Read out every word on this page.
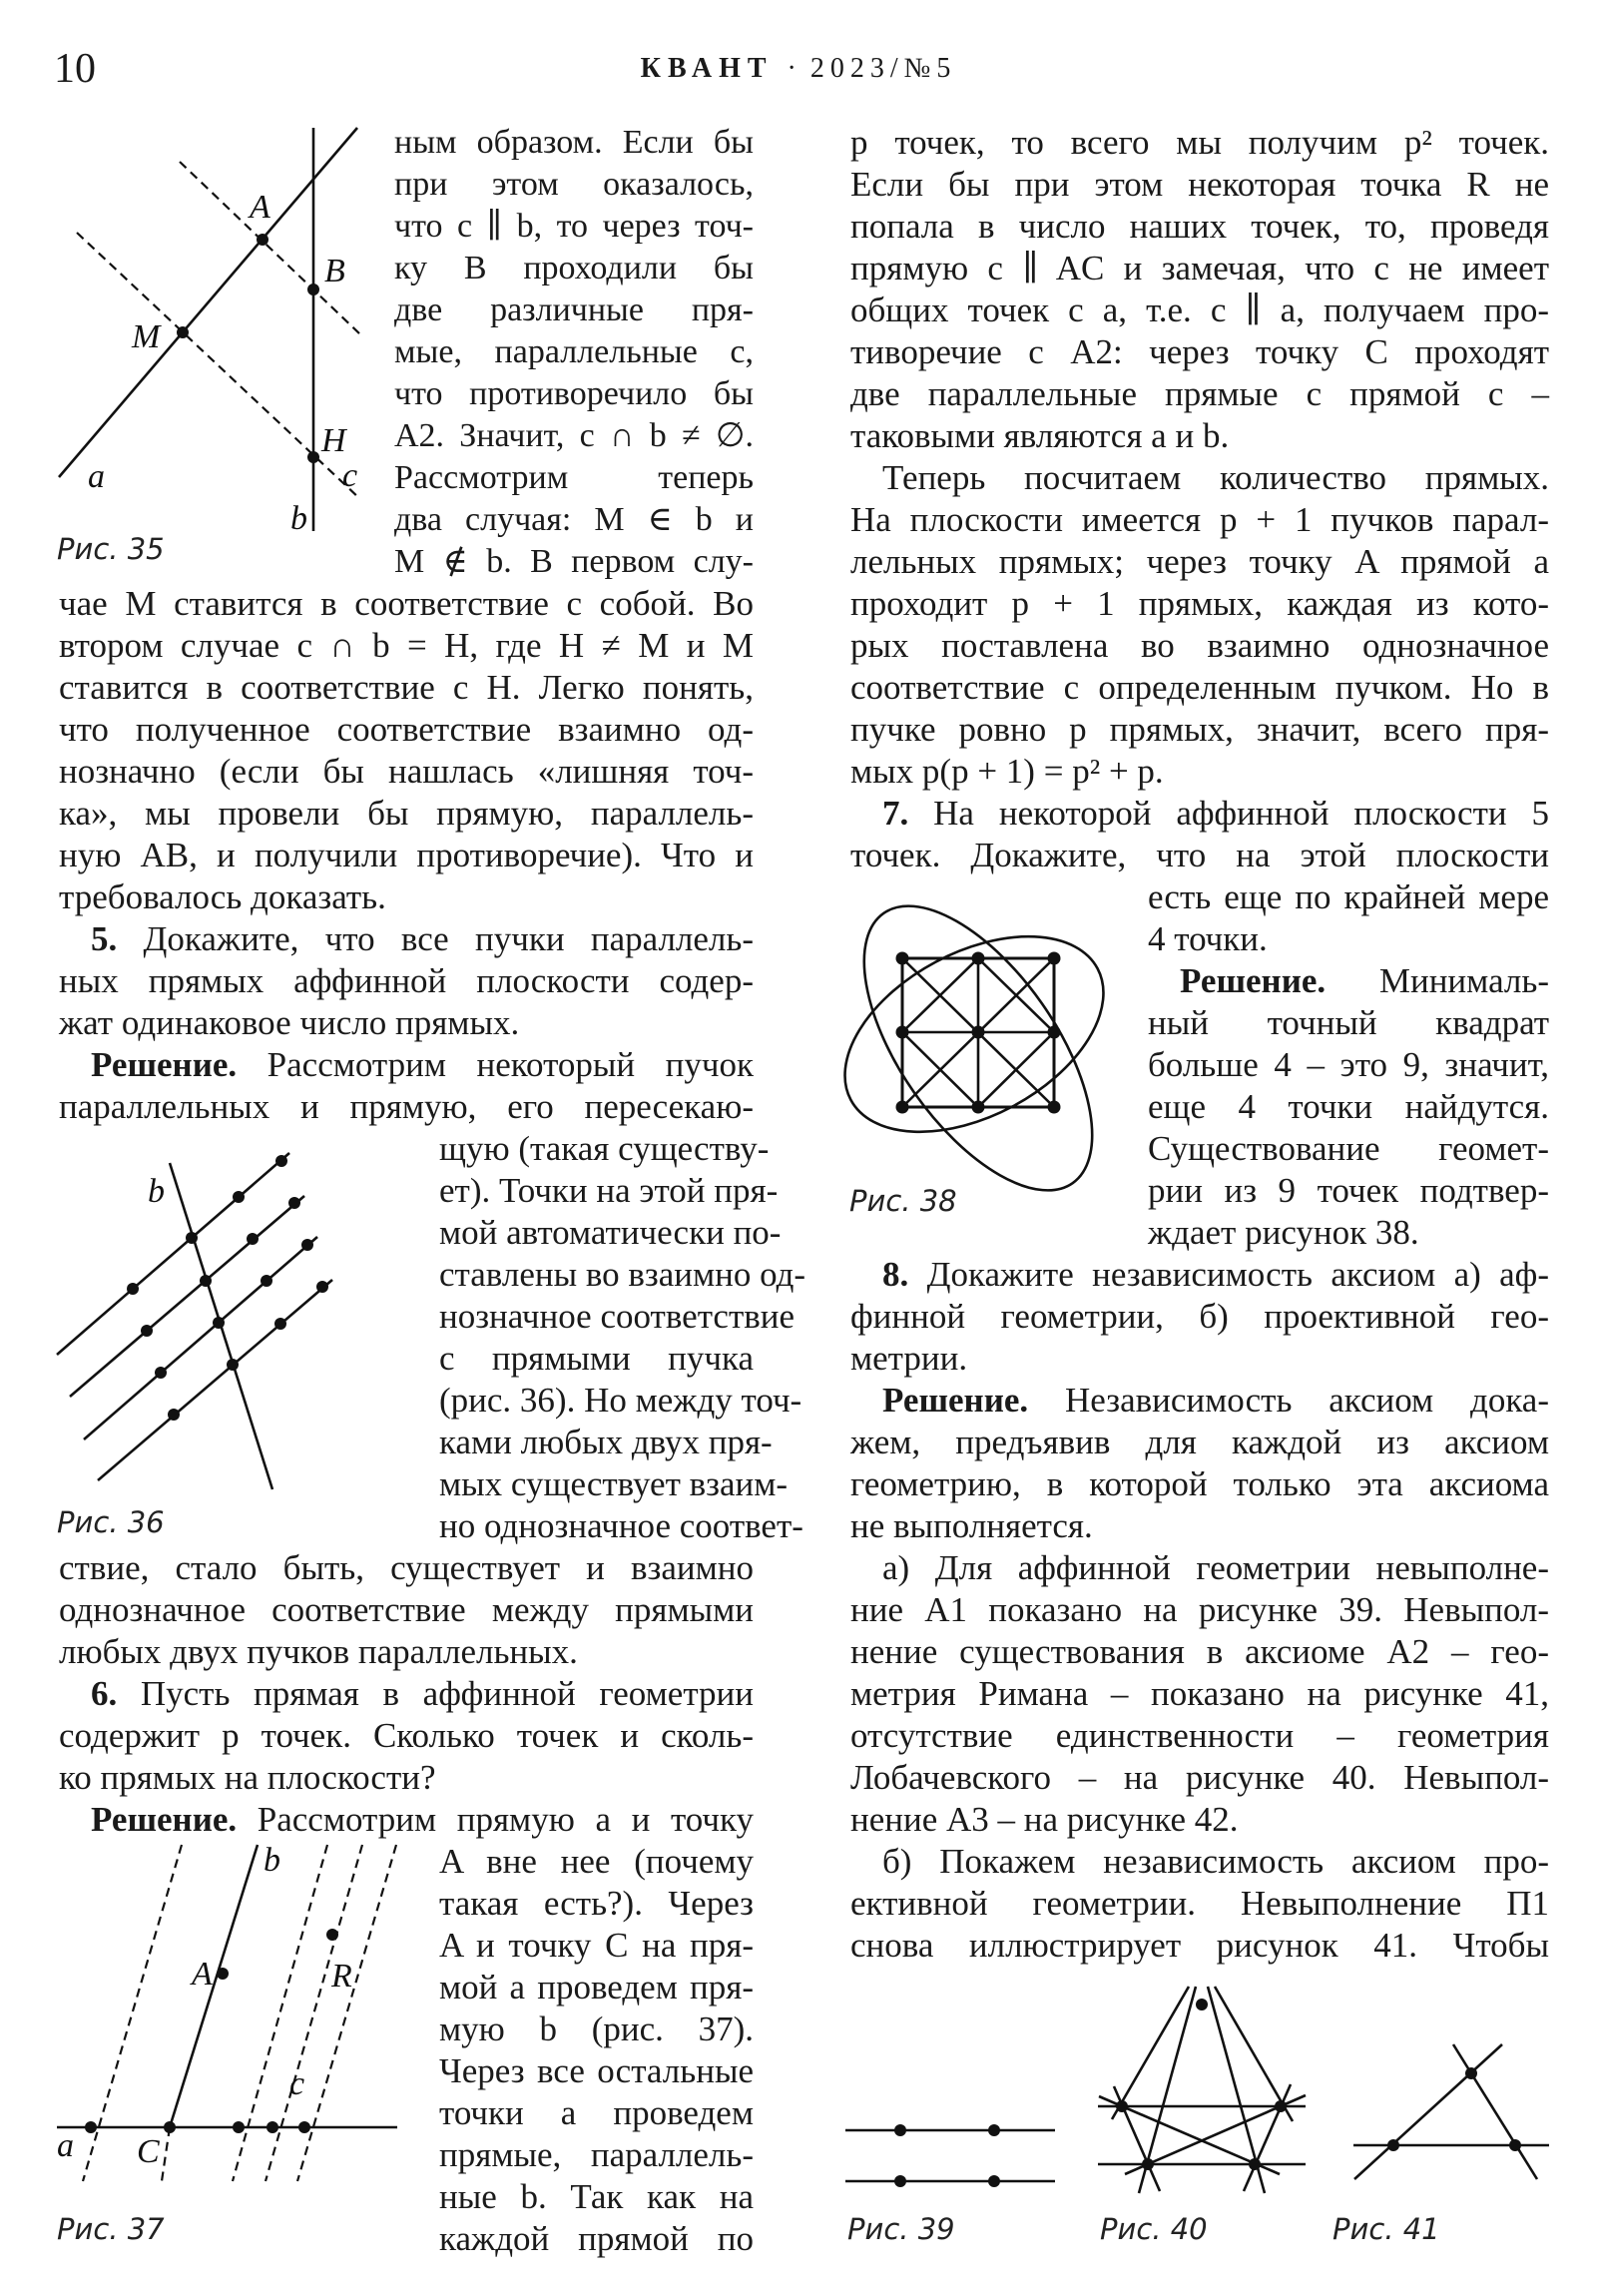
10	КВАНТ · 2023/№5
ным образом. Если бы
при этом оказалось,
что c ∥ b, то через точ-
ку B проходили бы
две различные пря-
мые, параллельные c,
что противоречило бы
A2. Значит, c ∩ b ≠ ∅.
Рассмотрим теперь
два случая: M ∈ b и
M ∉ b. В первом слу-
чае M ставится в соответствие с собой. Во
втором случае c ∩ b = H, где H ≠ M и M
ставится в соответствие с H. Легко понять,
что полученное соответствие взаимно од-
нозначно (если бы нашлась «лишняя точ-
ка», мы провели бы прямую, параллель-
ную AB, и получили противоречие). Что и
требовалось доказать.
5. Докажите, что все пучки параллель-
ных прямых аффинной плоскости содер-
жат одинаковое число прямых.
Решение. Рассмотрим некоторый пучок
параллельных и прямую, его пересекаю-
щую (такая существу-
ет). Точки на этой пря-
мой автоматически по-
ставлены во взаимно од-
нозначное соответствие
с прямыми пучка
(рис. 36). Но между точ-
ками любых двух пря-
мых существует взаим-
но однозначное соответ-
ствие, стало быть, существует и взаимно
однозначное соответствие между прямыми
любых двух пучков параллельных.
6. Пусть прямая в аффинной геометрии
содержит p точек. Сколько точек и сколь-
ко прямых на плоскости?
Решение. Рассмотрим прямую a и точку
A вне нее (почему
такая есть?). Через
A и точку C на пря-
мой a проведем пря-
мую b (рис. 37).
Через все остальные
точки a проведем
прямые, параллель-
ные b. Так как на
каждой прямой по
p точек, то всего мы получим p² точек.
Если бы при этом некоторая точка R не
попала в число наших точек, то, проведя
прямую c ∥ AC и замечая, что c не имеет
общих точек с a, т.е. c ∥ a, получаем про-
тиворечие с A2: через точку C проходят
две параллельные прямые с прямой c –
таковыми являются a и b.
Теперь посчитаем количество прямых.
На плоскости имеется p + 1 пучков парал-
лельных прямых; через точку A прямой a
проходит p + 1 прямых, каждая из кото-
рых поставлена во взаимно однозначное
соответствие с определенным пучком. Но в
пучке ровно p прямых, значит, всего пря-
мых p(p + 1) = p² + p.
7. На некоторой аффинной плоскости 5
точек. Докажите, что на этой плоскости
есть еще по крайней мере
4 точки.
Решение. Минималь-
ный точный квадрат
больше 4 – это 9, значит,
еще 4 точки найдутся.
Существование геомет-
рии из 9 точек подтвер-
ждает рисунок 38.
8. Докажите независимость аксиом а) аф-
финной геометрии, б) проективной гео-
метрии.
Решение. Независимость аксиом дока-
жем, предъявив для каждой из аксиом
геометрию, в которой только эта аксиома
не выполняется.
а) Для аффинной геометрии невыполне-
ние A1 показано на рисунке 39. Невыпол-
нение существования в аксиоме A2 – гео-
метрия Римана – показано на рисунке 41,
отсутствие единственности – геометрия
Лобачевского – на рисунке 40. Невыпол-
нение A3 – на рисунке 42.
б) Покажем независимость аксиом про-
ективной геометрии. Невыполнение П1
снова иллюстрирует рисунок 41. Чтобы
A
B
M
H
a	c
b
Рис. 35
b
Рис. 36
b
A	R
c
a C
Рис. 37
Рис. 38
Рис. 39	Рис. 40	Рис. 41
